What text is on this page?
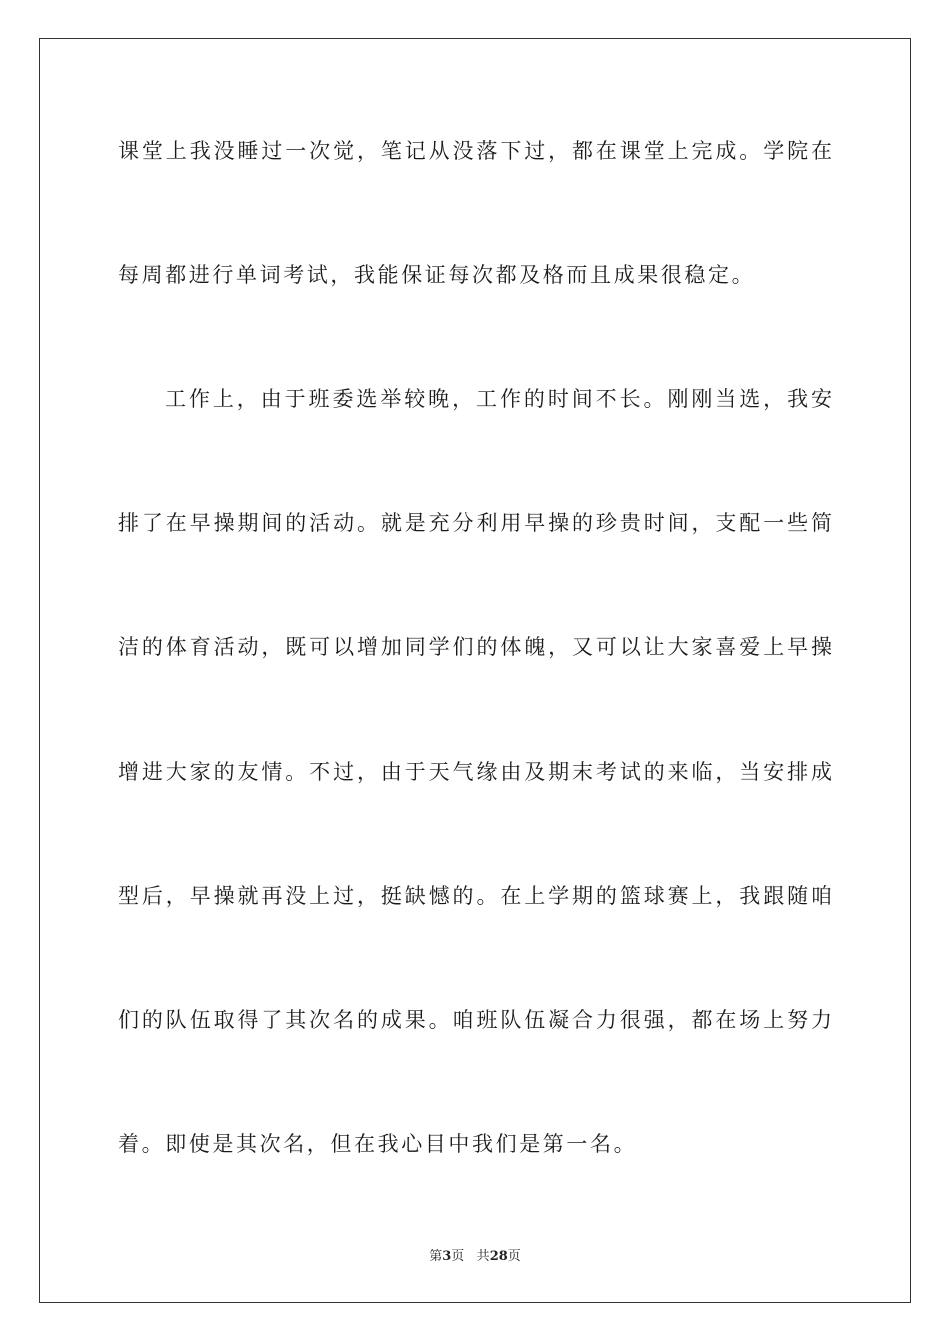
课堂上我没睡过一次觉，笔记从没落下过，都在课堂上完成。学院在
每周都进行单词考试，我能保证每次都及格而且成果很稳定。
工作上，由于班委选举较晚，工作的时间不长。刚刚当选，我安
排了在早操期间的活动。就是充分利用早操的珍贵时间，支配一些简
洁的体育活动，既可以增加同学们的体魄，又可以让大家喜爱上早操
增进大家的友情。不过，由于天气缘由及期末考试的来临，当安排成
型后，早操就再没上过，挺缺憾的。在上学期的篮球赛上，我跟随咱
们的队伍取得了其次名的成果。咱班队伍凝合力很强，都在场上努力
着。即使是其次名，但在我心目中我们是第一名。
第3页 共28页
